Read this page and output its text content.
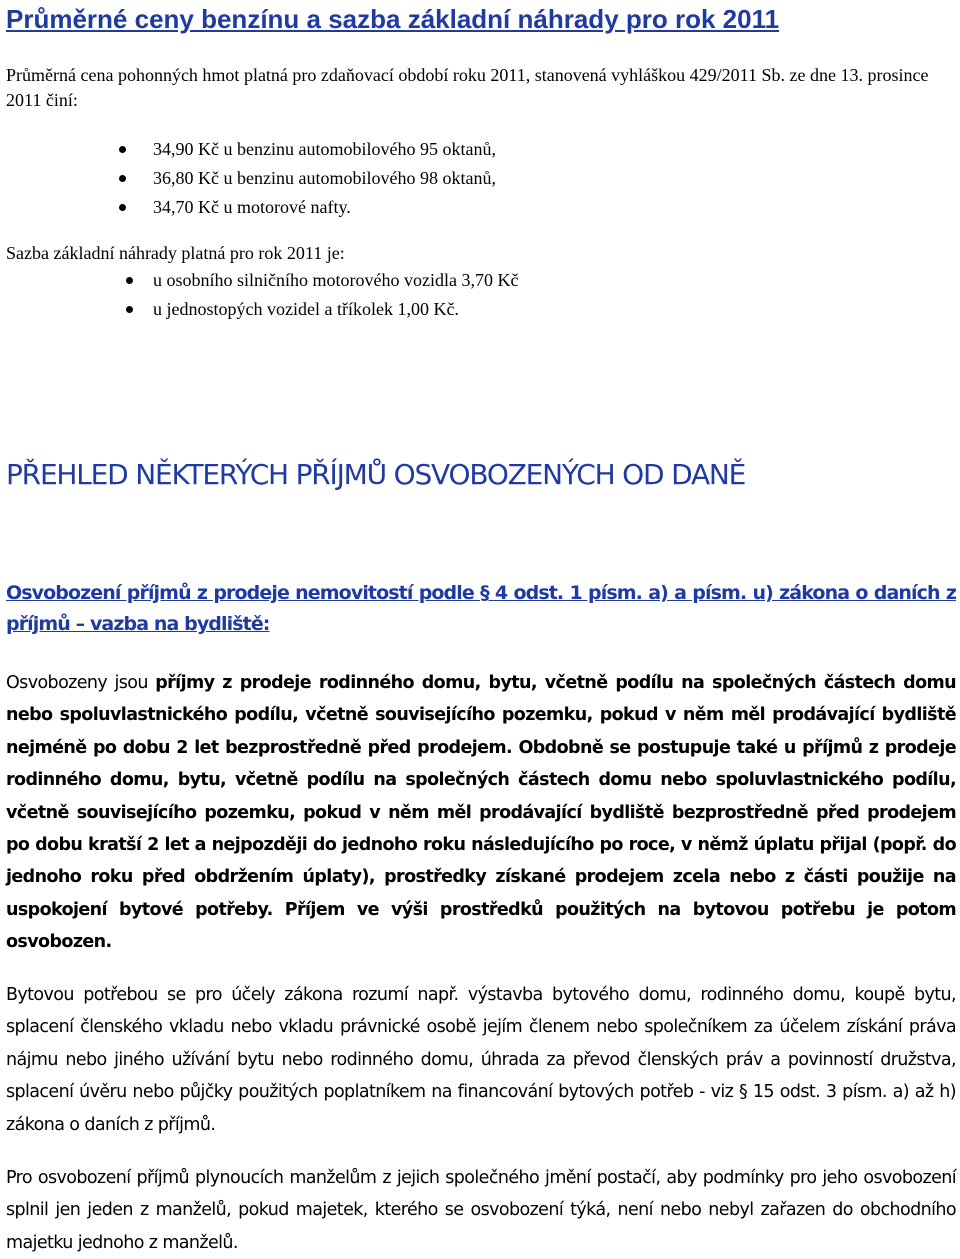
Průměrné ceny benzínu a sazba základní náhrady pro rok 2011
Průměrná cena pohonných hmot platná pro zdaňovací období roku 2011, stanovená vyhláškou 429/2011 Sb. ze dne 13. prosince 2011 činí:
34,90 Kč u benzinu automobilového 95 oktanů,
36,80 Kč u benzinu automobilového 98 oktanů,
34,70 Kč u motorové nafty.
Sazba základní náhrady platná pro rok 2011 je:
u osobního silničního motorového vozidla 3,70 Kč
u jednostopých vozidel a tříkolek 1,00 Kč.
PŘEHLED NĚKTERÝCH PŘÍJMŮ OSVOBOZENÝCH OD DANĚ
Osvobození příjmů z prodeje nemovitostí podle § 4 odst. 1 písm. a) a písm. u) zákona o daních z příjmů – vazba na bydliště:
Osvobozeny jsou příjmy z prodeje rodinného domu, bytu, včetně podílu na společných částech domu nebo spoluvlastnického podílu, včetně souvisejícího pozemku, pokud v něm měl prodávající bydliště nejméně po dobu 2 let bezprostředně před prodejem. Obdobně se postupuje také u příjmů z prodeje rodinného domu, bytu, včetně podílu na společných částech domu nebo spoluvlastnického podílu, včetně souvisejícího pozemku, pokud v něm měl prodávající bydliště bezprostředně před prodejem po dobu kratší 2 let a nejpozději do jednoho roku následujícího po roce, v němž úplatu přijal (popř. do jednoho roku před obdržením úplaty), prostředky získané prodejem zcela nebo z části použije na uspokojení bytové potřeby. Příjem ve výši prostředků použitých na bytovou potřebu je potom osvobozen.
Bytovou potřebou se pro účely zákona rozumí např. výstavba bytového domu, rodinného domu, koupě bytu, splacení členského vkladu nebo vkladu právnické osobě jejím členem nebo společníkem za účelem získání práva nájmu nebo jiného užívání bytu nebo rodinného domu, úhrada za převod členských práv a povinností družstva, splacení úvěru nebo půjčky použitých poplatníkem na financování bytových potřeb - viz § 15 odst. 3 písm. a) až h) zákona o daních z příjmů.
Pro osvobození příjmů plynoucích manželům z jejich společného jmění postačí, aby podmínky pro jeho osvobození splnil jen jeden z manželů, pokud majetek, kterého se osvobození týká, není nebo nebyl zařazen do obchodního majetku jednoho z manželů.
